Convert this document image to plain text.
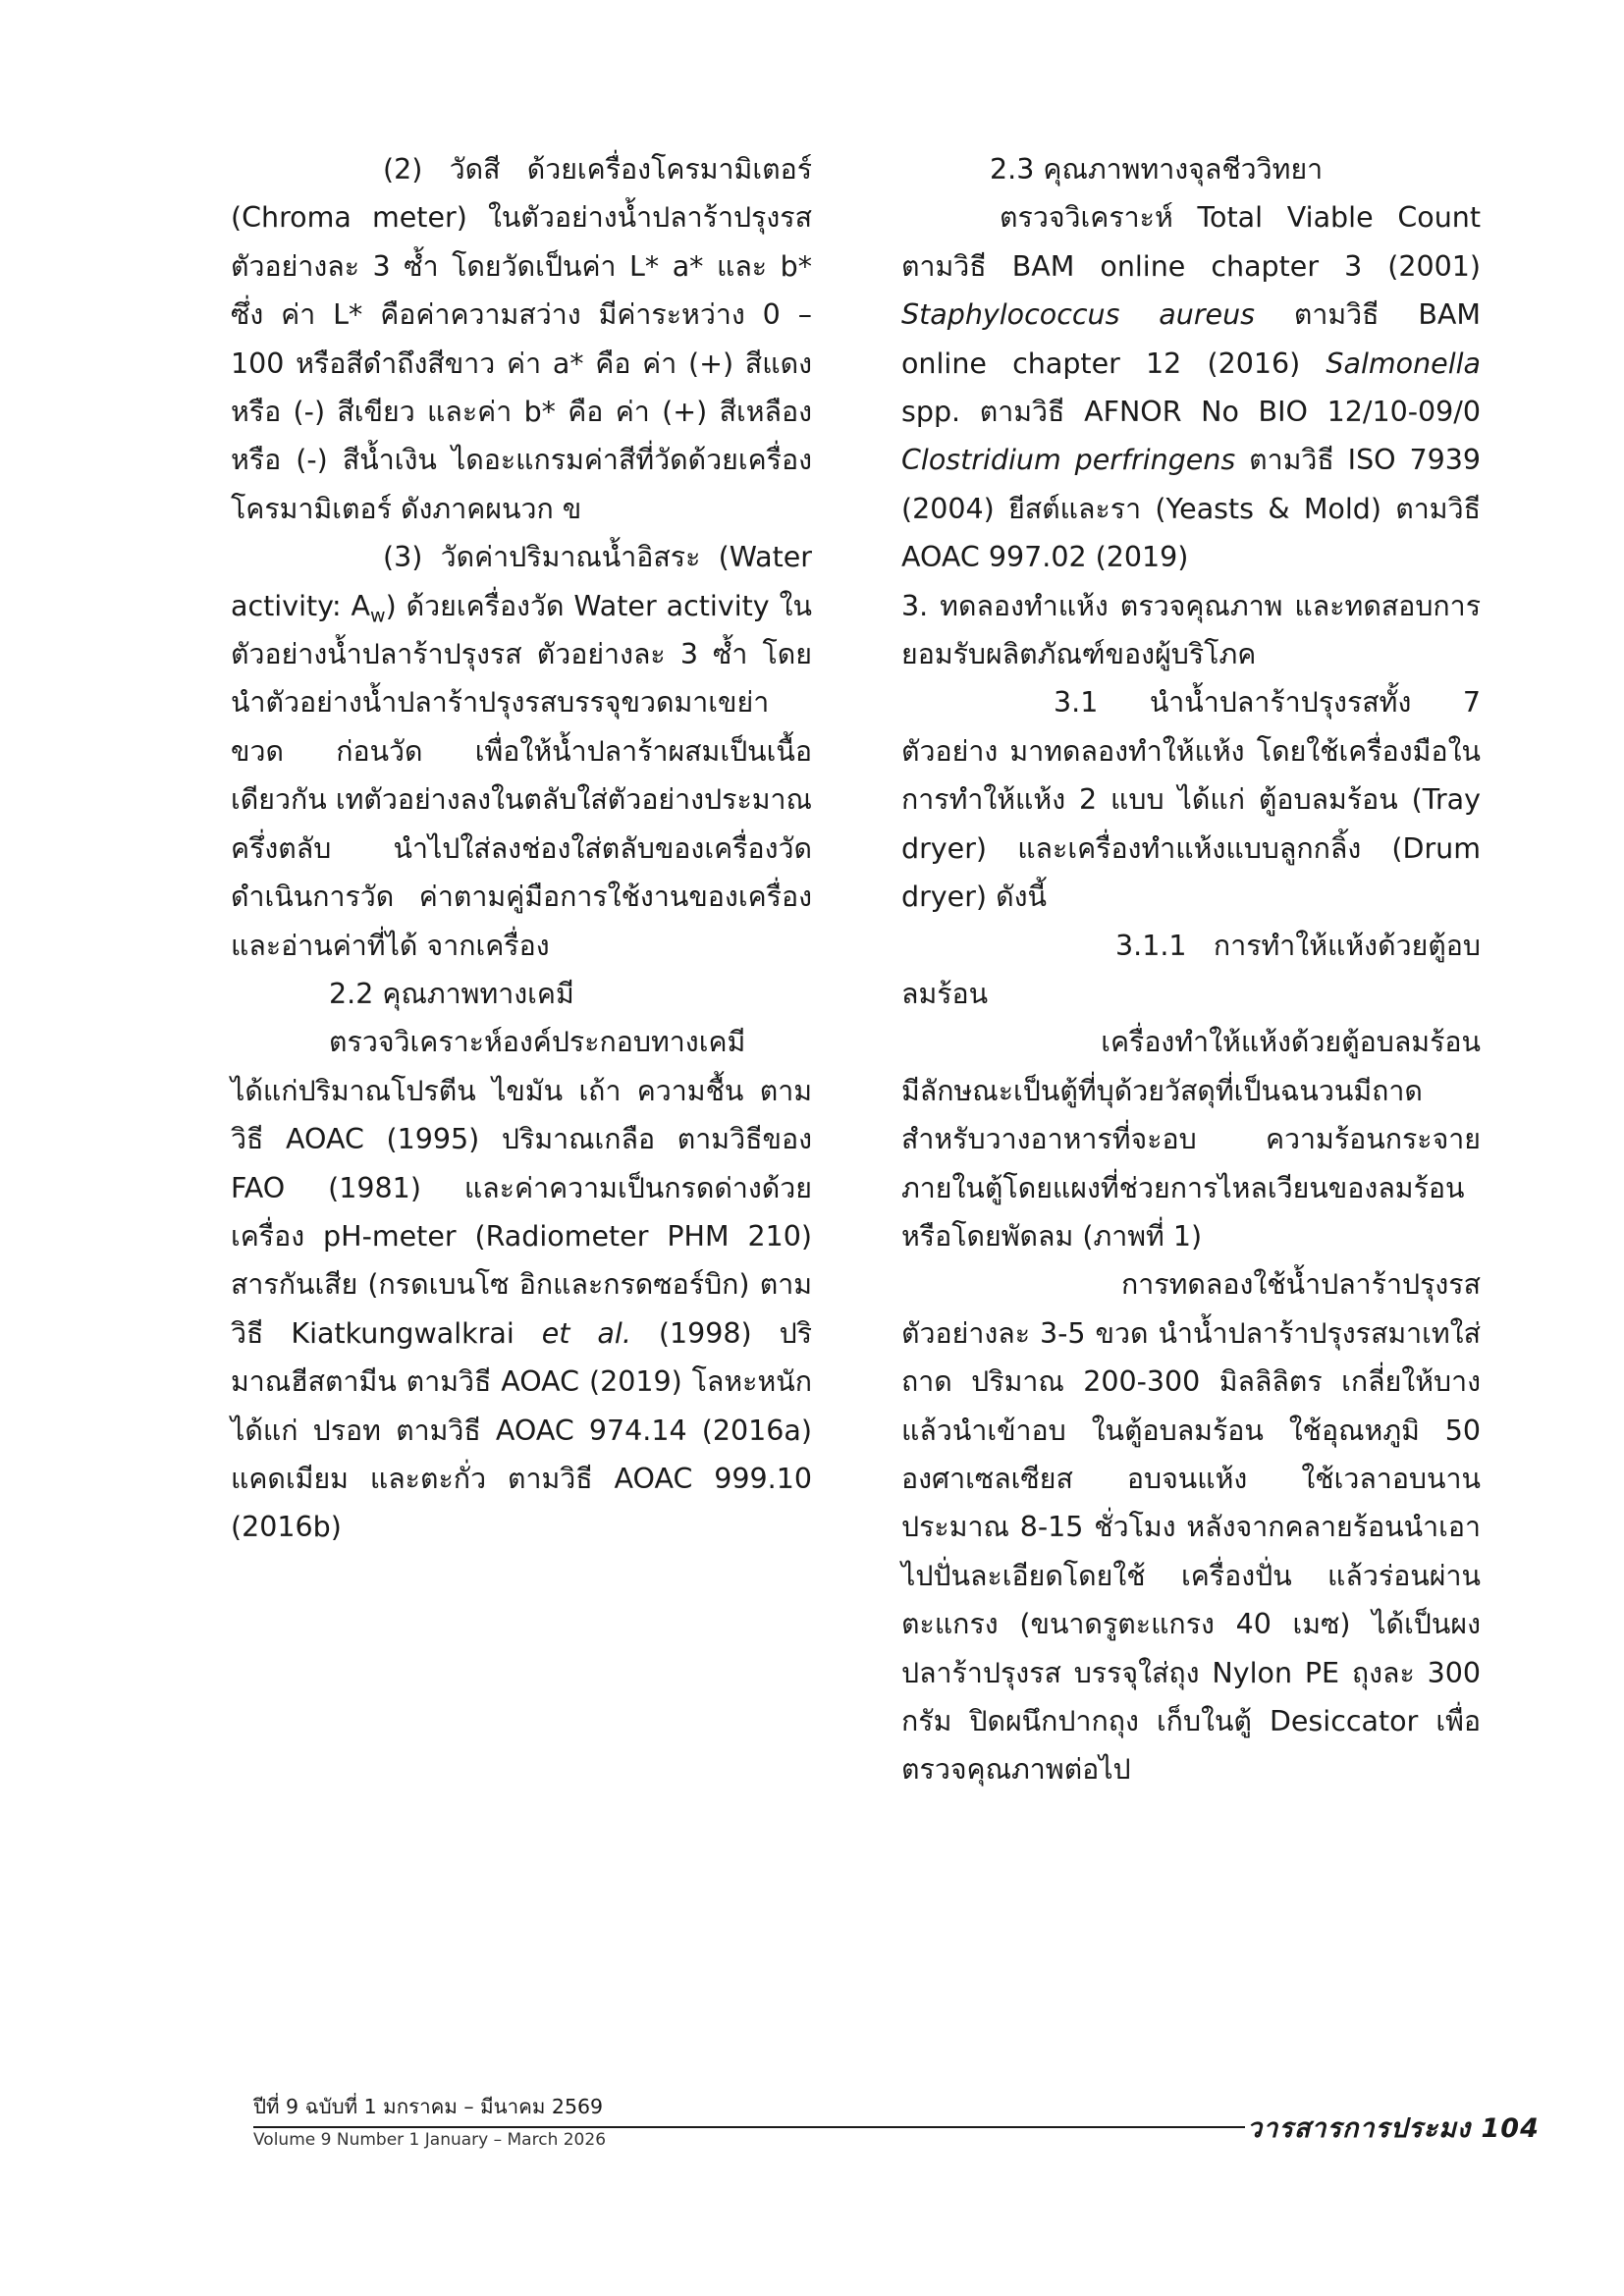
(2) วัดสี ด้วยเครื่องโครมามิเตอร์ (Chroma meter) ในตัวอย่างน้ำปลาร้าปรุงรส ตัวอย่างละ 3 ซ้ำ โดยวัดเป็นค่า L* a* และ b* ซึ่ง ค่า L* คือค่าความสว่าง มีค่าระหว่าง 0 – 100 หรือสีดำถึงสีขาว ค่า a* คือ ค่า (+) สีแดง หรือ (-) สีเขียว และค่า b* คือ ค่า (+) สีเหลือง หรือ (-) สีน้ำเงิน ไดอะแกรมค่าสีที่วัดด้วยเครื่องโครมามิเตอร์ ดังภาคผนวก ข

(3) วัดค่าปริมาณน้ำอิสระ (Water activity: $A_w$) ด้วยเครื่องวัด Water activity ในตัวอย่างน้ำปลาร้าปรุงรส ตัวอย่างละ 3 ซ้ำ โดยนำตัวอย่างน้ำปลาร้าปรุงรสบรรจุขวดมาเขย่าขวด ก่อนวัด เพื่อให้น้ำปลาร้าผสมเป็นเนื้อเดียวกัน เทตัวอย่างลงในตลับใส่ตัวอย่างประมาณครึ่งตลับ นำไปใส่ลงช่องใส่ตลับของเครื่องวัด ดำเนินการวัด ค่าตามคู่มือการใช้งานของเครื่อง และอ่านค่าที่ได้ จากเครื่อง

2.2 คุณภาพทางเคมี

ตรวจวิเคราะห์องค์ประกอบทางเคมี ได้แก่ปริมาณโปรตีน ไขมัน เถ้า ความชื้น ตามวิธี AOAC (1995) ปริมาณเกลือ ตามวิธีของ FAO (1981) และค่าความเป็นกรดด่างด้วยเครื่อง pH-meter (Radiometer PHM 210) สารกันเสีย (กรดเบนโซ อิกและกรดซอร์บิก) ตามวิธี Kiatkungwalkrai et al. (1998) ปริมาณฮีสตามีน ตามวิธี AOAC (2019) โลหะหนัก ได้แก่ ปรอท ตามวิธี AOAC 974.14 (2016a) แคดเมียม และตะกั่ว ตามวิธี AOAC 999.10 (2016b)

2.3 คุณภาพทางจุลชีววิทยา

ตรวจวิเคราะห์ Total Viable Count ตามวิธี BAM online chapter 3 (2001) Staphylococcus aureus ตามวิธี BAM online chapter 12 (2016) Salmonella spp. ตามวิธี AFNOR No BIO 12/10-09/0 Clostridium perfringens ตามวิธี ISO 7939 (2004) ยีสต์และรา (Yeasts & Mold) ตามวิธี AOAC 997.02 (2019)

3. ทดลองทำแห้ง ตรวจคุณภาพ และทดสอบการยอมรับผลิตภัณฑ์ของผู้บริโภค

3.1 นำน้ำปลาร้าปรุงรสทั้ง 7 ตัวอย่าง มาทดลองทำให้แห้ง โดยใช้เครื่องมือในการทำให้แห้ง 2 แบบ ได้แก่ ตู้อบลมร้อน (Tray dryer) และเครื่องทำแห้งแบบลูกกลิ้ง (Drum dryer) ดังนี้

3.1.1 การทำให้แห้งด้วยตู้อบลมร้อน

เครื่องทำให้แห้งด้วยตู้อบลมร้อน

มีลักษณะเป็นตู้ที่บุด้วยวัสดุที่เป็นฉนวนมีถาด สำหรับวางอาหารที่จะอบ ความร้อนกระจาย ภายในตู้โดยแผงที่ช่วยการไหลเวียนของลมร้อน หรือโดยพัดลม (ภาพที่ 1)

การทดลองใช้น้ำปลาร้าปรุงรส

ตัวอย่างละ 3-5 ขวด นำน้ำปลาร้าปรุงรสมาเทใส่ถาด ปริมาณ 200-300 มิลลิลิตร เกลี่ยให้บาง แล้วนำเข้าอบ ในตู้อบลมร้อน ใช้อุณหภูมิ 50 องศาเซลเซียส อบจนแห้ง ใช้เวลาอบนานประมาณ 8-15 ชั่วโมง หลังจากคลายร้อนนำเอาไปปั่นละเอียดโดยใช้ เครื่องปั่น แล้วร่อนผ่านตะแกรง (ขนาดรูตะแกรง 40 เมซ) ได้เป็นผงปลาร้าปรุงรส บรรจุใส่ถุง Nylon PE ถุงละ 300 กรัม ปิดผนึกปากถุง เก็บในตู้ Desiccator เพื่อตรวจคุณภาพต่อไป

ปีที่ 9 ฉบับที่ 1 มกราคม – มีนาคม 2569
Volume 9 Number 1 January – March 2026	วารสารการประมง 104
